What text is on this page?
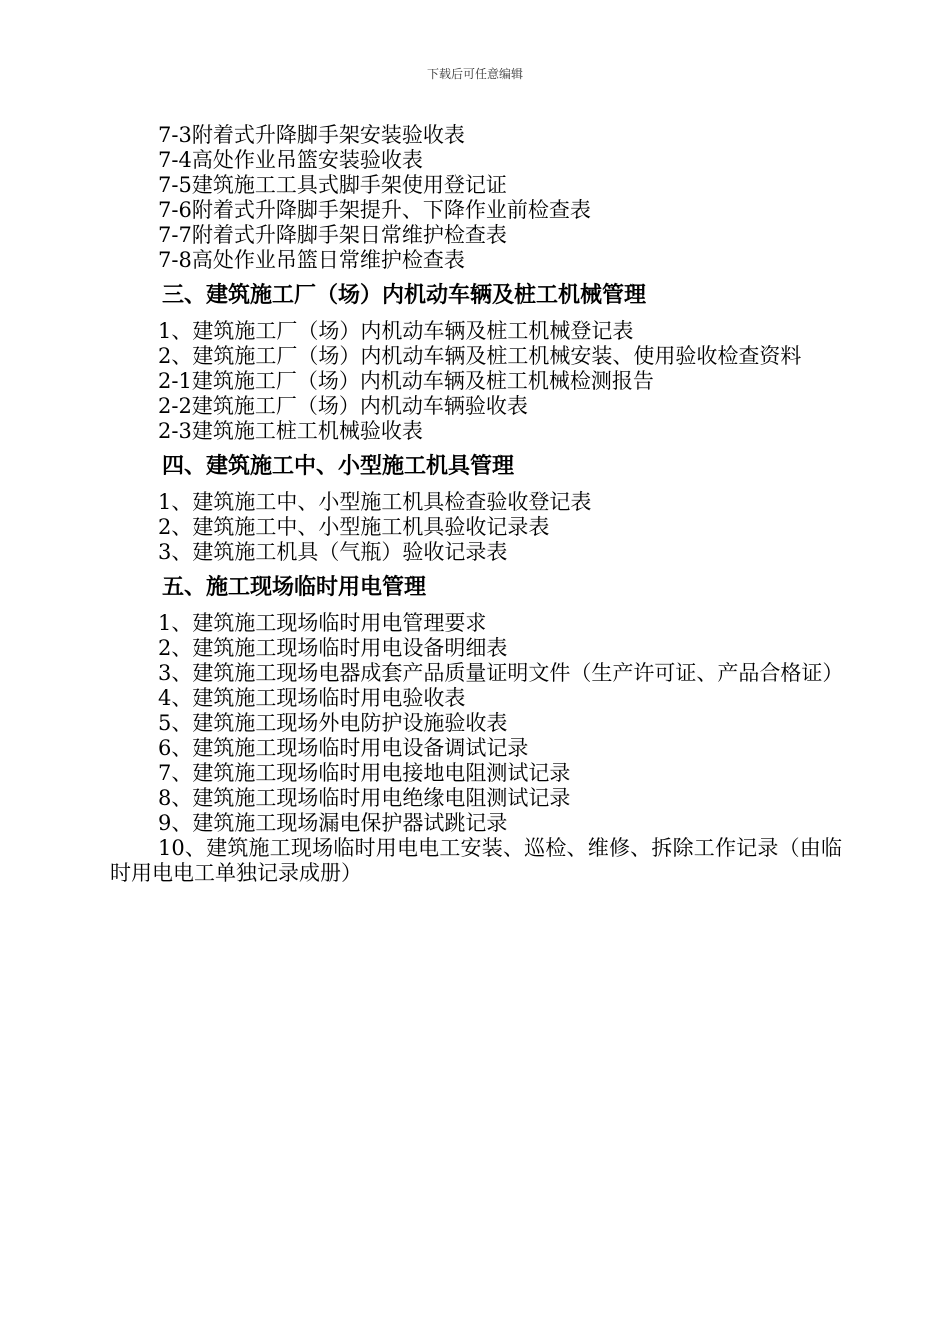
下载后可任意编辑
7-3附着式升降脚手架安装验收表
7-4高处作业吊篮安装验收表
7-5建筑施工工具式脚手架使用登记证
7-6附着式升降脚手架提升、下降作业前检查表
7-7附着式升降脚手架日常维护检查表
7-8高处作业吊篮日常维护检查表
三、建筑施工厂（场）内机动车辆及桩工机械管理
1、建筑施工厂（场）内机动车辆及桩工机械登记表
2、建筑施工厂（场）内机动车辆及桩工机械安装、使用验收检查资料
2-1建筑施工厂（场）内机动车辆及桩工机械检测报告
2-2建筑施工厂（场）内机动车辆验收表
2-3建筑施工桩工机械验收表
四、建筑施工中、小型施工机具管理
1、建筑施工中、小型施工机具检查验收登记表
2、建筑施工中、小型施工机具验收记录表
3、建筑施工机具（气瓶）验收记录表
五、施工现场临时用电管理
1、建筑施工现场临时用电管理要求
2、建筑施工现场临时用电设备明细表
3、建筑施工现场电器成套产品质量证明文件（生产许可证、产品合格证）
4、建筑施工现场临时用电验收表
5、建筑施工现场外电防护设施验收表
6、建筑施工现场临时用电设备调试记录
7、建筑施工现场临时用电接地电阻测试记录
8、建筑施工现场临时用电绝缘电阻测试记录
9、建筑施工现场漏电保护器试跳记录
10、建筑施工现场临时用电电工安装、巡检、维修、拆除工作记录（由临时用电电工单独记录成册）
